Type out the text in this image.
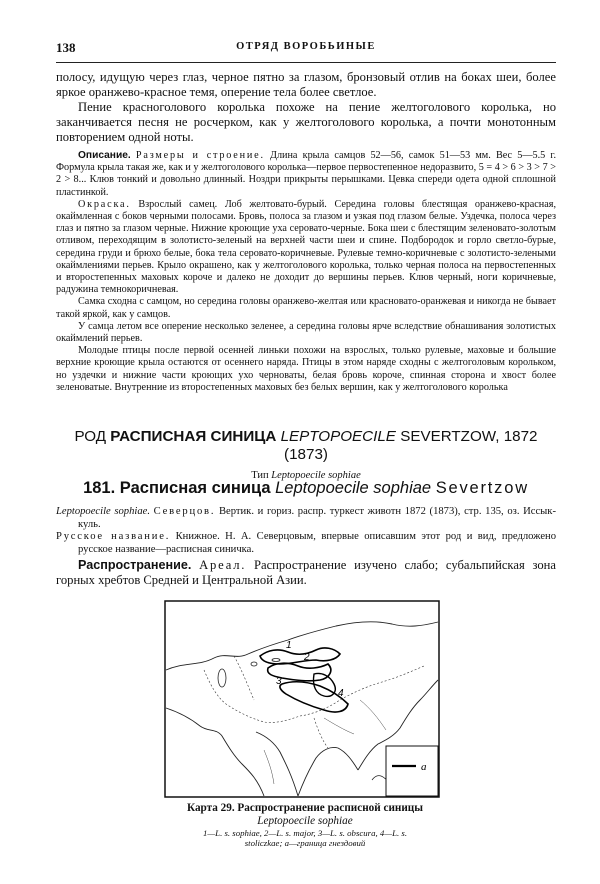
138	ОТРЯД ВОРОБЬИНЫЕ

полосу, идущую через глаз, черное пятно за глазом, бронзовый отлив на боках шеи, более яркое оранжево-красное темя, оперение тела более светлое.

Пение красноголового королька похоже на пение желтоголового королька, но заканчивается песня не росчерком, как у желтоголового королька, а почти монотонным повторением одной ноты.

Описание. Размеры и строение. Длина крыла самцов 52—56, самок 51—53 мм. Вес 5—5.5 г. Формула крыла такая же, как и у желтоголового королька—первое первостепенное недоразвито, 5 = 4 > 6 > 3 > 7 > 2 > 8... Клюв тонкий и довольно длинный. Ноздри прикрыты перышками. Цевка спереди одета одной сплошной пластинкой.

Окраска. Взрослый самец. Лоб желтовато-бурый. Середина головы блестящая оранжево-красная, окаймленная с боков черными полосами. Бровь, полоса за глазом и узкая под глазом белые. Уздечка, полоса через глаз и пятно за глазом черные. Нижние кроющие уха серовато-черные. Бока шеи с блестящим зеленовато-золотым отливом, переходящим в золотисто-зеленый на верхней части шеи и спине. Подбородок и горло светло-бурые, середина груди и брюхо белые, бока тела серовато-коричневые. Рулевые темно-коричневые с золотисто-зелеными окаймлениями перьев. Крыло окрашено, как у желтоголового королька, только черная полоса на первостепенных и второстепенных маховых короче и далеко не доходит до вершины перьев. Клюв черный, ноги коричневые, радужина темнокоричневая.

Самка сходна с самцом, но середина головы оранжево-желтая или красновато-оранжевая и никогда не бывает такой яркой, как у самцов.

У самца летом все оперение несколько зеленее, а середина головы ярче вследствие обнашивания золотистых окаймлений перьев.

Молодые птицы после первой осенней линьки похожи на взрослых, только рулевые, маховые и большие верхние кроющие крыла остаются от осеннего наряда. Птицы в этом наряде сходны с желтоголовым корольком, но уздечки и нижние части кроющих ухо черноваты, белая бровь короче, спинная сторона и хвост более зеленоватые. Внутренние из второстепенных маховых без белых вершин, как у желтоголового королька

РОД РАСПИСНАЯ СИНИЦА LEPTOPOECILE SEVERTZOW, 1872 (1873)
Тип Leptopoecile sophiae
181. Расписная синица Leptopoecile sophiae Severtzow

Leptopoecile sophiae. Северцов. Вертик. и гориз. распр. туркест животн 1872 (1873), стр. 135, оз. Иссык-куль.

Русское название. Книжное. Н. А. Северцовым, впервые описавшим этот род и вид, предложено русское название—расписная синичка.

Распространение. Ареал. Распространение изучено слабо; субальпийская зона горных хребтов Средней и Центральной Азии.

1
2
3
4
а
Карта 29. Распространение расписной синицы
Leptopoecile sophiae
1—L. s. sophiae, 2—L. s. major, 3—L. s. obscura, 4—L. s.
stoliczkae; а—граница гнездовий
